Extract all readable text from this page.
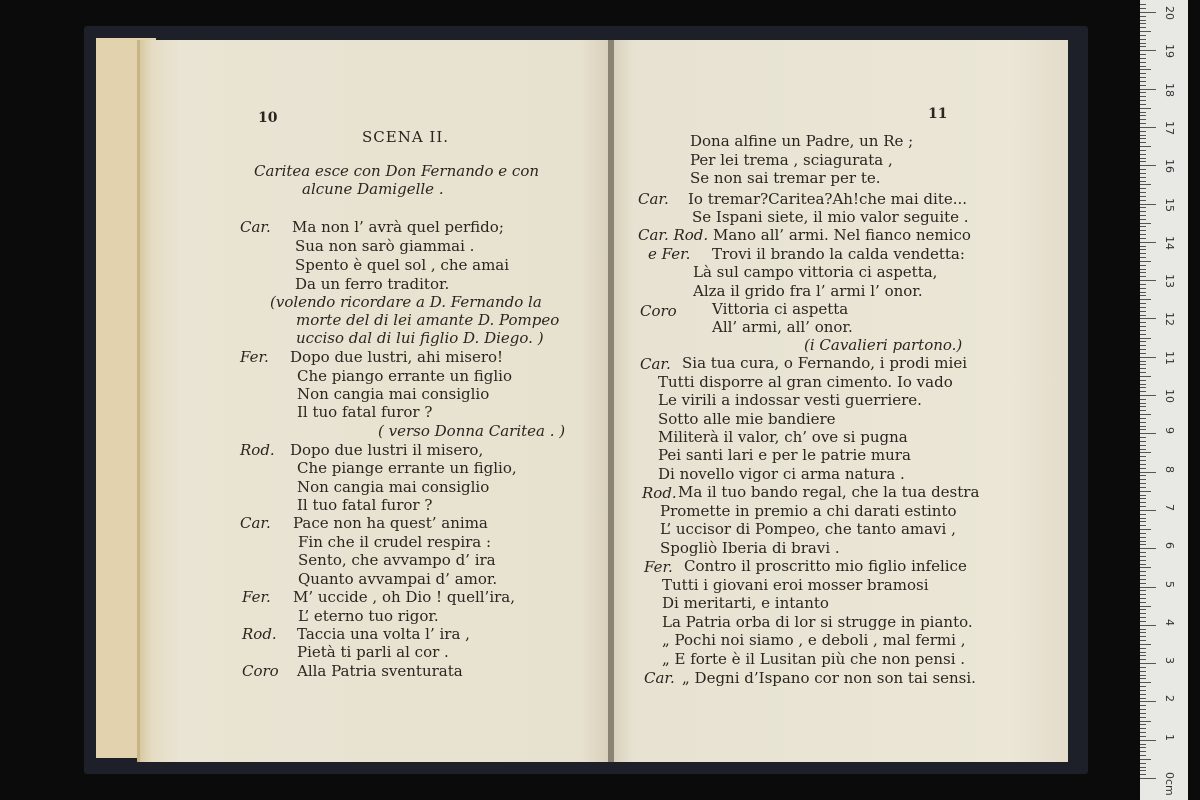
10
SCENA II.
Caritea esce con Don Fernando e con
alcune Damigelle .
Car. Ma non l’ avrà quel perfido;
Sua non sarò giammai .
Spento è quel sol , che amai
Da un ferro traditor.
(volendo ricordare a D. Fernando la
morte del di lei amante D. Pompeo
ucciso dal di lui figlio D. Diego. )
Fer. Dopo due lustri, ahi misero!
Che piango errante un figlio
Non cangia mai consiglio
Il tuo fatal furor ?
( verso Donna Caritea . )
Rod. Dopo due lustri il misero,
Che piange errante un figlio,
Non cangia mai consiglio
Il tuo fatal furor ?
Car. Pace non ha quest’ anima
Fin che il crudel respira :
Sento, che avvampo d’ ira
Quanto avvampai d’ amor.
Fer. M’ uccide , oh Dio ! quell’ira,
L’ eterno tuo rigor.
Rod. Taccia una volta l’ ira ,
Pietà ti parli al cor .
Coro Alla Patria sventurata
11
Dona alfine un Padre, un Re ;
Per lei trema , sciagurata ,
Se non sai tremar per te.
Car. Io tremar?Caritea?Ah!che mai dite...
Se Ispani siete, il mio valor seguite .
Car. Rod. Mano all’ armi. Nel fianco nemico
e Fer. Trovi il brando la calda vendetta:
Là sul campo vittoria ci aspetta,
Alza il grido fra l’ armi l’ onor.
Coro Vittoria ci aspetta
All’ armi, all’ onor.
(i Cavalieri partono.)
Car. Sia tua cura, o Fernando, i prodi miei
Tutti disporre al gran cimento. Io vado
Le virili a indossar vesti guerriere.
Sotto alle mie bandiere
Militerà il valor, ch’ ove si pugna
Pei santi lari e per le patrie mura
Di novello vigor ci arma natura .
Rod. Ma il tuo bando regal, che la tua destra
Promette in premio a chi darati estinto
L’ uccisor di Pompeo, che tanto amavi ,
Spogliò Iberia di bravi .
Fer. Contro il proscritto mio figlio infelice
Tutti i giovani eroi mosser bramosi
Di meritarti, e intanto
La Patria orba di lor si strugge in pianto.
„ Pochi noi siamo , e deboli , mal fermi ,
„ E forte è il Lusitan più che non pensi .
Car. „ Degni d’Ispano cor non son tai sensi.
0cm
1
2
3
4
5
6
7
8
9
10
11
12
13
14
15
16
17
18
19
20
